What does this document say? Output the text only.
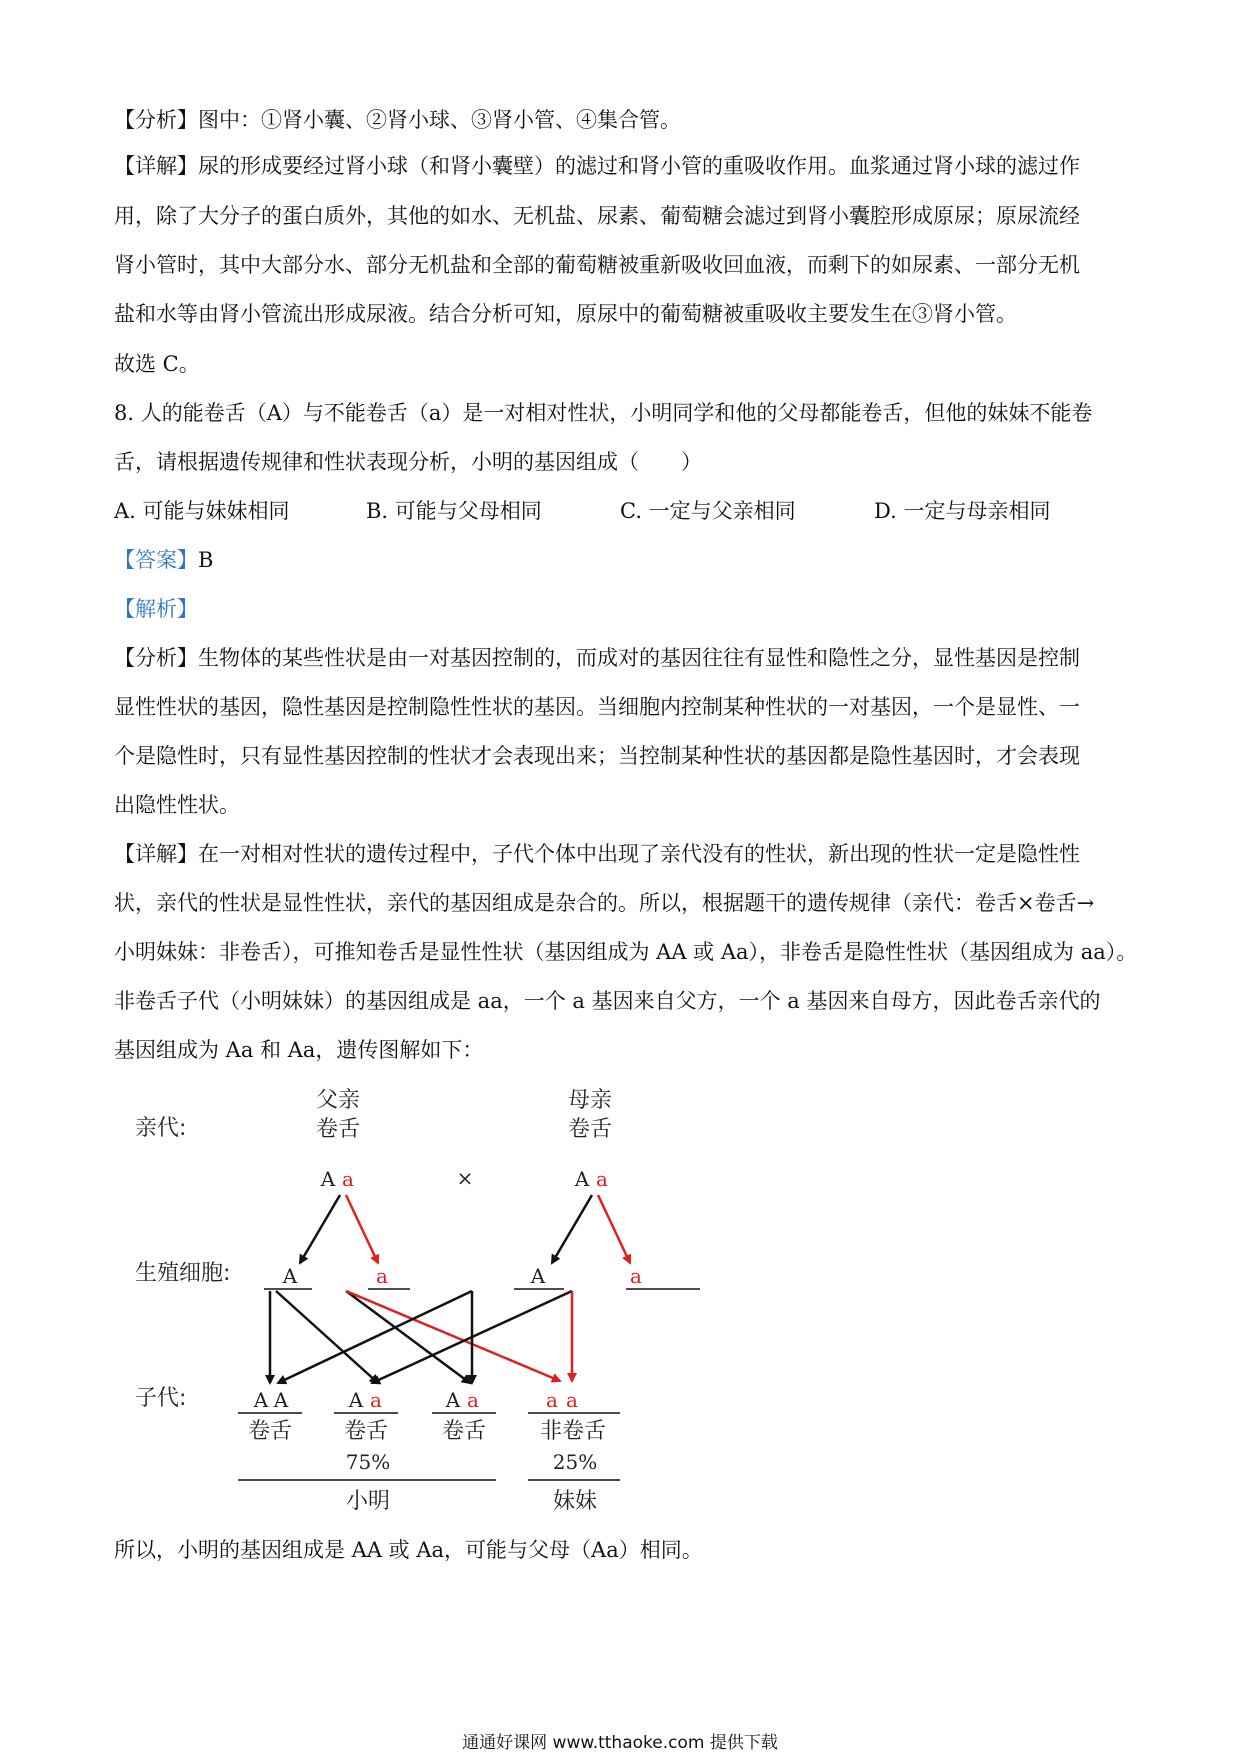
【分析】图中：①肾小囊、②肾小球、③肾小管、④集合管。
【详解】尿的形成要经过肾小球（和肾小囊壁）的滤过和肾小管的重吸收作用。血浆通过肾小球的滤过作
用，除了大分子的蛋白质外，其他的如水、无机盐、尿素、葡萄糖会滤过到肾小囊腔形成原尿；原尿流经
肾小管时，其中大部分水、部分无机盐和全部的葡萄糖被重新吸收回血液，而剩下的如尿素、一部分无机
盐和水等由肾小管流出形成尿液。结合分析可知，原尿中的葡萄糖被重吸收主要发生在③肾小管。
故选 C。
8. 人的能卷舌（A）与不能卷舌（a）是一对相对性状，小明同学和他的父母都能卷舌，但他的妹妹不能卷
舌，请根据遗传规律和性状表现分析，小明的基因组成（　　）
A. 可能与妹妹相同	B. 可能与父母相同	C. 一定与父亲相同	D. 一定与母亲相同
【答案】B
【解析】
【分析】生物体的某些性状是由一对基因控制的，而成对的基因往往有显性和隐性之分，显性基因是控制
显性性状的基因，隐性基因是控制隐性性状的基因。当细胞内控制某种性状的一对基因，一个是显性、一
个是隐性时，只有显性基因控制的性状才会表现出来；当控制某种性状的基因都是隐性基因时，才会表现
出隐性性状。
【详解】在一对相对性状的遗传过程中，子代个体中出现了亲代没有的性状，新出现的性状一定是隐性性
状，亲代的性状是显性性状，亲代的基因组成是杂合的。所以，根据题干的遗传规律（亲代：卷舌×卷舌→
小明妹妹：非卷舌），可推知卷舌是显性性状（基因组成为 AA 或 Aa），非卷舌是隐性性状（基因组成为 aa）。
非卷舌子代（小明妹妹）的基因组成是 aa，一个 a 基因来自父方，一个 a 基因来自母方，因此卷舌亲代的
基因组成为 Aa 和 Aa，遗传图解如下：
亲代:
生殖细胞:
子代:
父亲
卷舌
母亲
卷舌
A a	×	A a
A	a	A	a
A A	A a	A a	a a
卷舌 卷舌 卷舌 非卷舌
75%	25%
小明	妹妹
所以，小明的基因组成是 AA 或 Aa，可能与父母（Aa）相同。
通通好课网 www.tthaoke.com 提供下载
